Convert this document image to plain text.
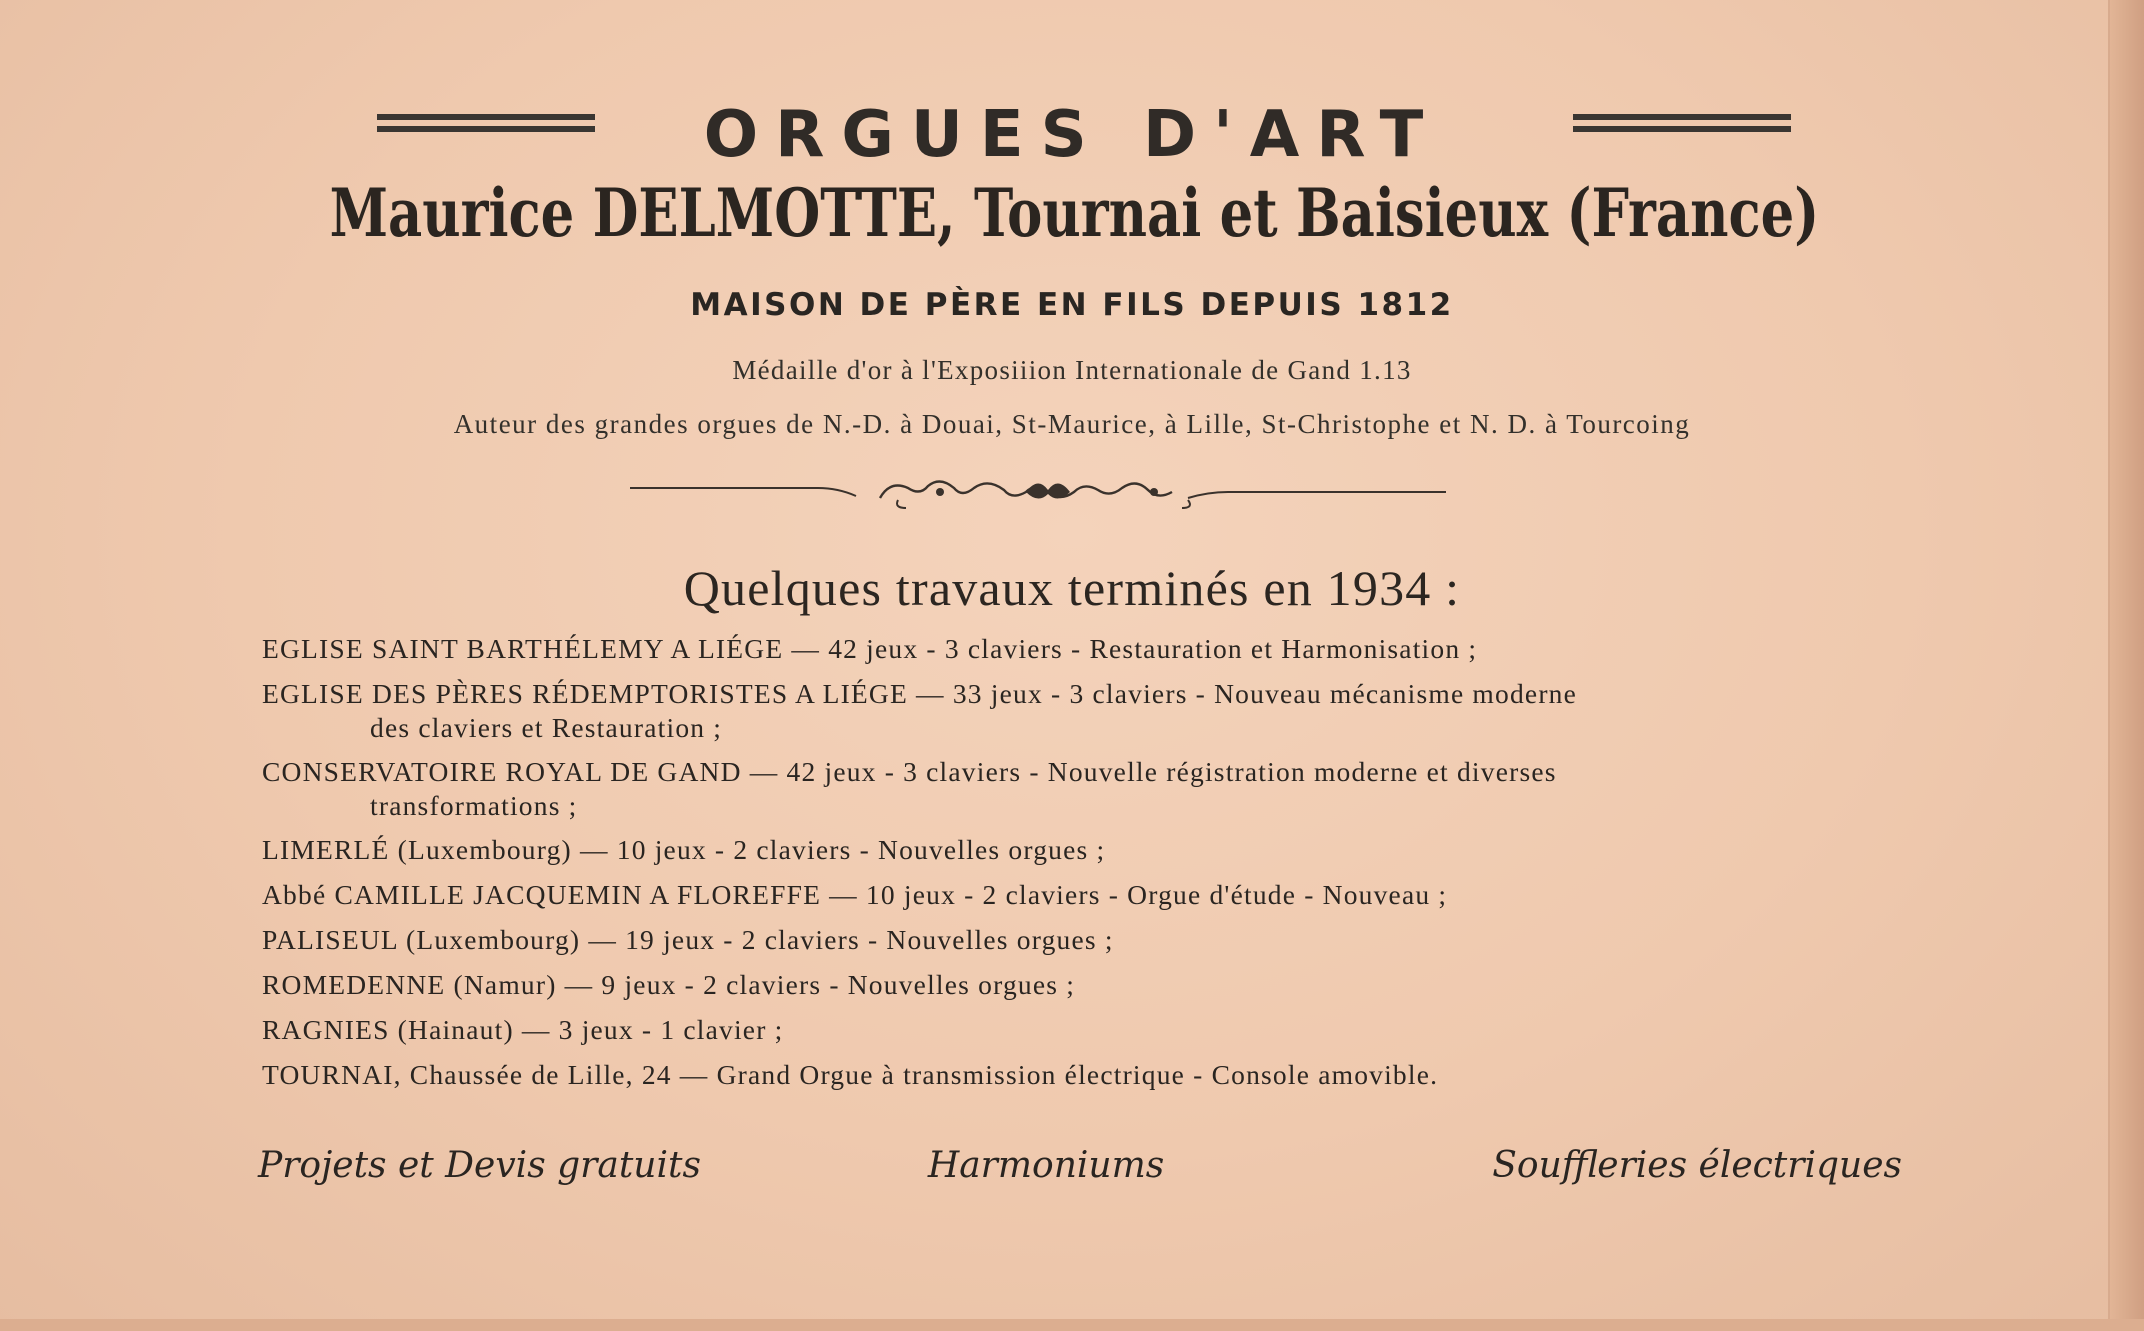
ORGUES D'ART
Maurice DELMOTTE, Tournai et Baisieux (France)
MAISON DE PÈRE EN FILS DEPUIS 1812
Médaille d'or à l'Exposiiion Internationale de Gand 1.13
Auteur des grandes orgues de N.-D. à Douai, St-Maurice, à Lille, St-Christophe et N. D. à Tourcoing
Quelques travaux terminés en 1934 :
EGLISE SAINT BARTHÉLEMY A LIÉGE — 42 jeux - 3 claviers - Restauration et Harmonisation ;
EGLISE DES PÈRES RÉDEMPTORISTES A LIÉGE — 33 jeux - 3 claviers - Nouveau mécanisme moderne
des claviers et Restauration ;
CONSERVATOIRE ROYAL DE GAND — 42 jeux - 3 claviers - Nouvelle régistration moderne et diverses
transformations ;
LIMERLÉ (Luxembourg) — 10 jeux - 2 claviers - Nouvelles orgues ;
Abbé CAMILLE JACQUEMIN A FLOREFFE — 10 jeux - 2 claviers - Orgue d'étude - Nouveau ;
PALISEUL (Luxembourg) — 19 jeux - 2 claviers - Nouvelles orgues ;
ROMEDENNE (Namur) — 9 jeux - 2 claviers - Nouvelles orgues ;
RAGNIES (Hainaut) — 3 jeux - 1 clavier ;
TOURNAI, Chaussée de Lille, 24 — Grand Orgue à transmission électrique - Console amovible.
Projets et Devis gratuits	Harmoniums	Souffleries électriques
